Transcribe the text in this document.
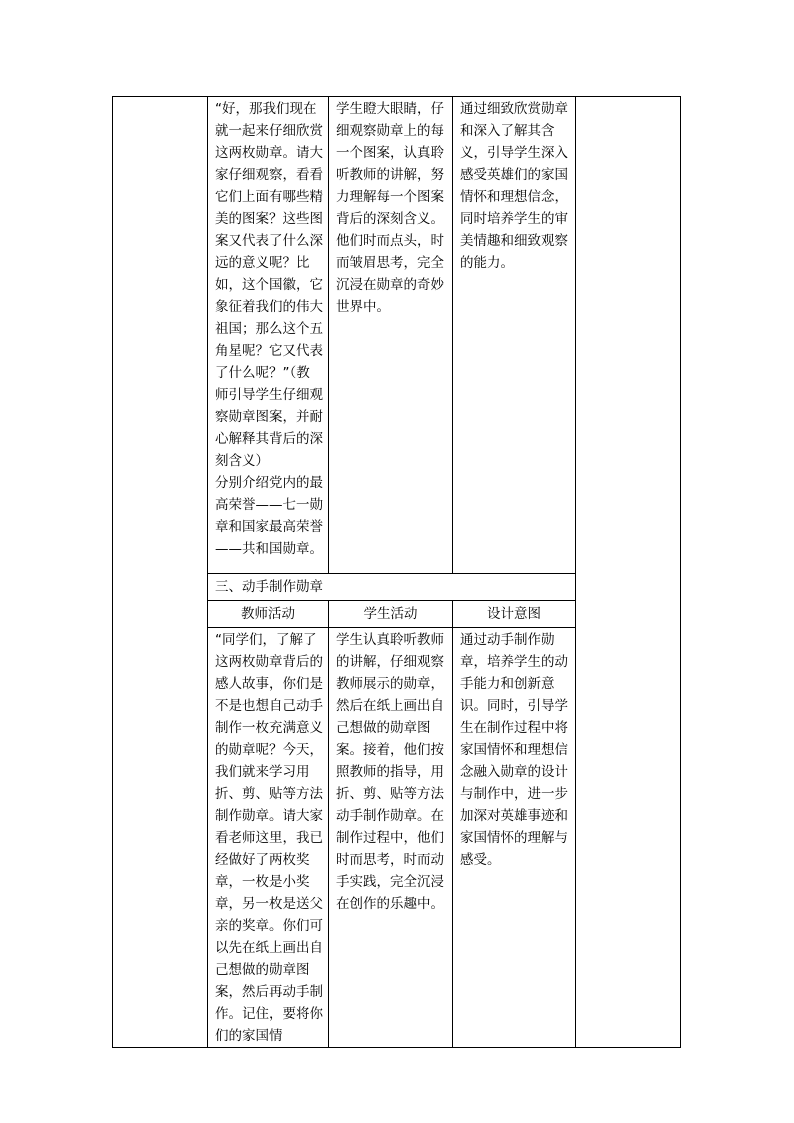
	“好，那我们现在就一起来仔细欣赏这两枚勋章。请大家仔细观察，看看它们上面有哪些精美的图案？这些图案又代表了什么深远的意义呢？比如，这个国徽，它象征着我们的伟大祖国；那么这个五角星呢？它又代表了什么呢？”（教师引导学生仔细观察勋章图案，并耐心解释其背后的深刻含义）
分别介绍党内的最高荣誉——七一勋章和国家最高荣誉——共和国勋章。	学生瞪大眼睛，仔细观察勋章上的每一个图案，认真聆听教师的讲解，努力理解每一个图案背后的深刻含义。他们时而点头，时而皱眉思考，完全沉浸在勋章的奇妙世界中。	通过细致欣赏勋章和深入了解其含义，引导学生深入感受英雄们的家国情怀和理想信念，同时培养学生的审美情趣和细致观察的能力。	

	三、动手制作勋章			

	教师活动	学生活动	设计意图	

	“同学们，了解了这两枚勋章背后的感人故事，你们是不是也想自己动手制作一枚充满意义的勋章呢？今天，我们就来学习用折、剪、贴等方法制作勋章。请大家看老师这里，我已经做好了两枚奖章，一枚是小奖章，另一枚是送父亲的奖章。你们可以先在纸上画出自己想做的勋章图案，然后再动手制作。记住，要将你们的家国情	学生认真聆听教师的讲解，仔细观察教师展示的勋章，然后在纸上画出自己想做的勋章图案。接着，他们按照教师的指导，用折、剪、贴等方法动手制作勋章。在制作过程中，他们时而思考，时而动手实践，完全沉浸在创作的乐趣中。	通过动手制作勋章，培养学生的动手能力和创新意识。同时，引导学生在制作过程中将家国情怀和理想信念融入勋章的设计与制作中，进一步加深对英雄事迹和家国情怀的理解与感受。	
